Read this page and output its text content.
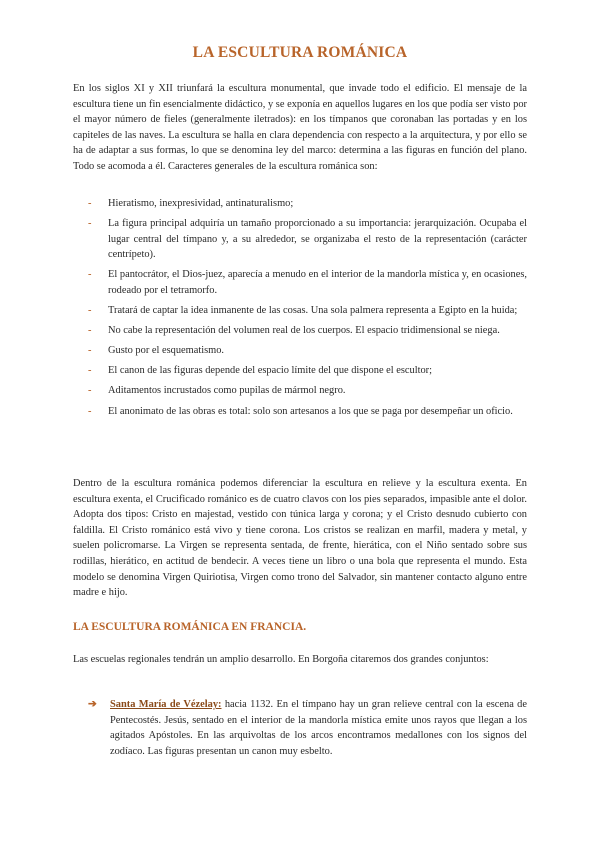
LA ESCULTURA ROMÁNICA

En los siglos XI y XII triunfará la escultura monumental, que invade todo el edificio. El mensaje de la escultura tiene un fin esencialmente didáctico, y se exponía en aquellos lugares en los que podía ser visto por el mayor número de fieles (generalmente iletrados): en los tímpanos que coronaban las portadas y en los capiteles de las naves. La escultura se halla en clara dependencia con respecto a la arquitectura, y por ello se ha de adaptar a sus formas, lo que se denomina ley del marco: determina a las figuras en función del plano. Todo se acomoda a él. Caracteres generales de la escultura románica son:

- Hieratismo, inexpresividad, antinaturalismo;
- La figura principal adquiría un tamaño proporcionado a su importancia: jerarquización. Ocupaba el lugar central del tímpano y, a su alrededor, se organizaba el resto de la representación (carácter centrípeto).
- El pantocrátor, el Dios-juez, aparecía a menudo en el interior de la mandorla mística y, en ocasiones, rodeado por el tetramorfo.
- Tratará de captar la idea inmanente de las cosas. Una sola palmera representa a Egipto en la huida;
- No cabe la representación del volumen real de los cuerpos. El espacio tridimensional se niega.
- Gusto por el esquematismo.
- El canon de las figuras depende del espacio límite del que dispone el escultor;
- Aditamentos incrustados como pupilas de mármol negro.
- El anonimato de las obras es total: solo son artesanos a los que se paga por desempeñar un oficio.

Dentro de la escultura románica podemos diferenciar la escultura en relieve y la escultura exenta. En escultura exenta, el Crucificado románico es de cuatro clavos con los pies separados, impasible ante el dolor. Adopta dos tipos: Cristo en majestad, vestido con túnica larga y corona; y el Cristo desnudo cubierto con faldilla. El Cristo románico está vivo y tiene corona. Los cristos se realizan en marfil, madera y metal, y suelen policromarse. La Virgen se representa sentada, de frente, hierática, con el Niño sentado sobre sus rodillas, hierático, en actitud de bendecir. A veces tiene un libro o una bola que representa el mundo. Esta modelo se denomina Virgen Quiriotisa, Virgen como trono del Salvador, sin mantener contacto alguno entre madre e hijo.

LA ESCULTURA ROMÁNICA EN FRANCIA.

Las escuelas regionales tendrán un amplio desarrollo. En Borgoña citaremos dos grandes conjuntos:

➔ Santa María de Vézelay: hacia 1132. En el tímpano hay un gran relieve central con la escena de Pentecostés. Jesús, sentado en el interior de la mandorla mística emite unos rayos que llegan a los agitados Apóstoles. En las arquivoltas de los arcos encontramos medallones con los signos del zodíaco. Las figuras presentan un canon muy esbelto.
